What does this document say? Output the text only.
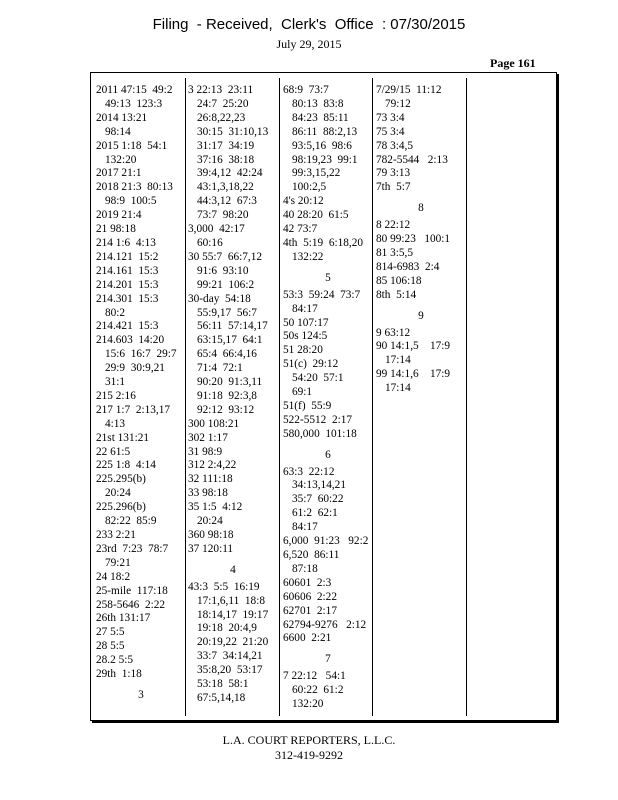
Filing  - Received,  Clerk's  Office  : 07/30/2015
July 29, 2015
Page 161
2011 47:15  49:2
49:13  123:3
2014 13:21
98:14
2015 1:18  54:1
132:20
2017 21:1
2018 21:3  80:13
98:9  100:5
2019 21:4
21 98:18
214 1:6  4:13
214.121  15:2
214.161  15:3
214.201  15:3
214.301  15:3
80:2
214.421  15:3
214.603  14:20
15:6  16:7  29:7
29:9  30:9,21
31:1
215 2:16
217 1:7  2:13,17
4:13
21st 131:21
22 61:5
225 1:8  4:14
225.295(b)
20:24
225.296(b)
82:22  85:9
233 2:21
23rd  7:23  78:7
79:21
24 18:2
25-mile  117:18
258-5646  2:22
26th 131:17
27 5:5
28 5:5
28.2 5:5
29th  1:18
3
3 22:13  23:11
24:7  25:20
26:8,22,23
30:15  31:10,13
31:17  34:19
37:16  38:18
39:4,12  42:24
43:1,3,18,22
44:3,12  67:3
73:7  98:20
3,000  42:17
60:16
30 55:7  66:7,12
91:6  93:10
99:21  106:2
30-day  54:18
55:9,17  56:7
56:11  57:14,17
63:15,17  64:1
65:4  66:4,16
71:4  72:1
90:20  91:3,11
91:18  92:3,8
92:12  93:12
300 108:21
302 1:17
31 98:9
312 2:4,22
32 111:18
33 98:18
35 1:5  4:12
20:24
360 98:18
37 120:11
4
43:3  5:5  16:19
17:1,6,11  18:8
18:14,17  19:17
19:18  20:4,9
20:19,22  21:20
33:7  34:14,21
35:8,20  53:17
53:18  58:1
67:5,14,18
68:9  73:7
80:13  83:8
84:23  85:11
86:11  88:2,13
93:5,16  98:6
98:19,23  99:1
99:3,15,22
100:2,5
4's 20:12
40 28:20  61:5
42 73:7
4th  5:19  6:18,20
132:22
5
53:3  59:24  73:7
84:17
50 107:17
50s 124:5
51 28:20
51(c)  29:12
54:20  57:1
69:1
51(f)  55:9
522-5512  2:17
580,000  101:18
6
63:3  22:12
34:13,14,21
35:7  60:22
61:2  62:1
84:17
6,000  91:23   92:2
6,520  86:11
87:18
60601  2:3
60606  2:22
62701  2:17
62794-9276   2:12
6600  2:21
7
7 22:12   54:1
60:22  61:2
132:20
7/29/15  11:12
79:12
73 3:4
75 3:4
78 3:4,5
782-5544   2:13
79 3:13
7th  5:7
8
8 22:12
80 99:23   100:1
81 3:5,5
814-6983  2:4
85 106:18
8th  5:14
9
9 63:12
90 14:1,5    17:9
17:14
99 14:1,6    17:9
17:14
L.A. COURT REPORTERS, L.L.C.
312-419-9292
